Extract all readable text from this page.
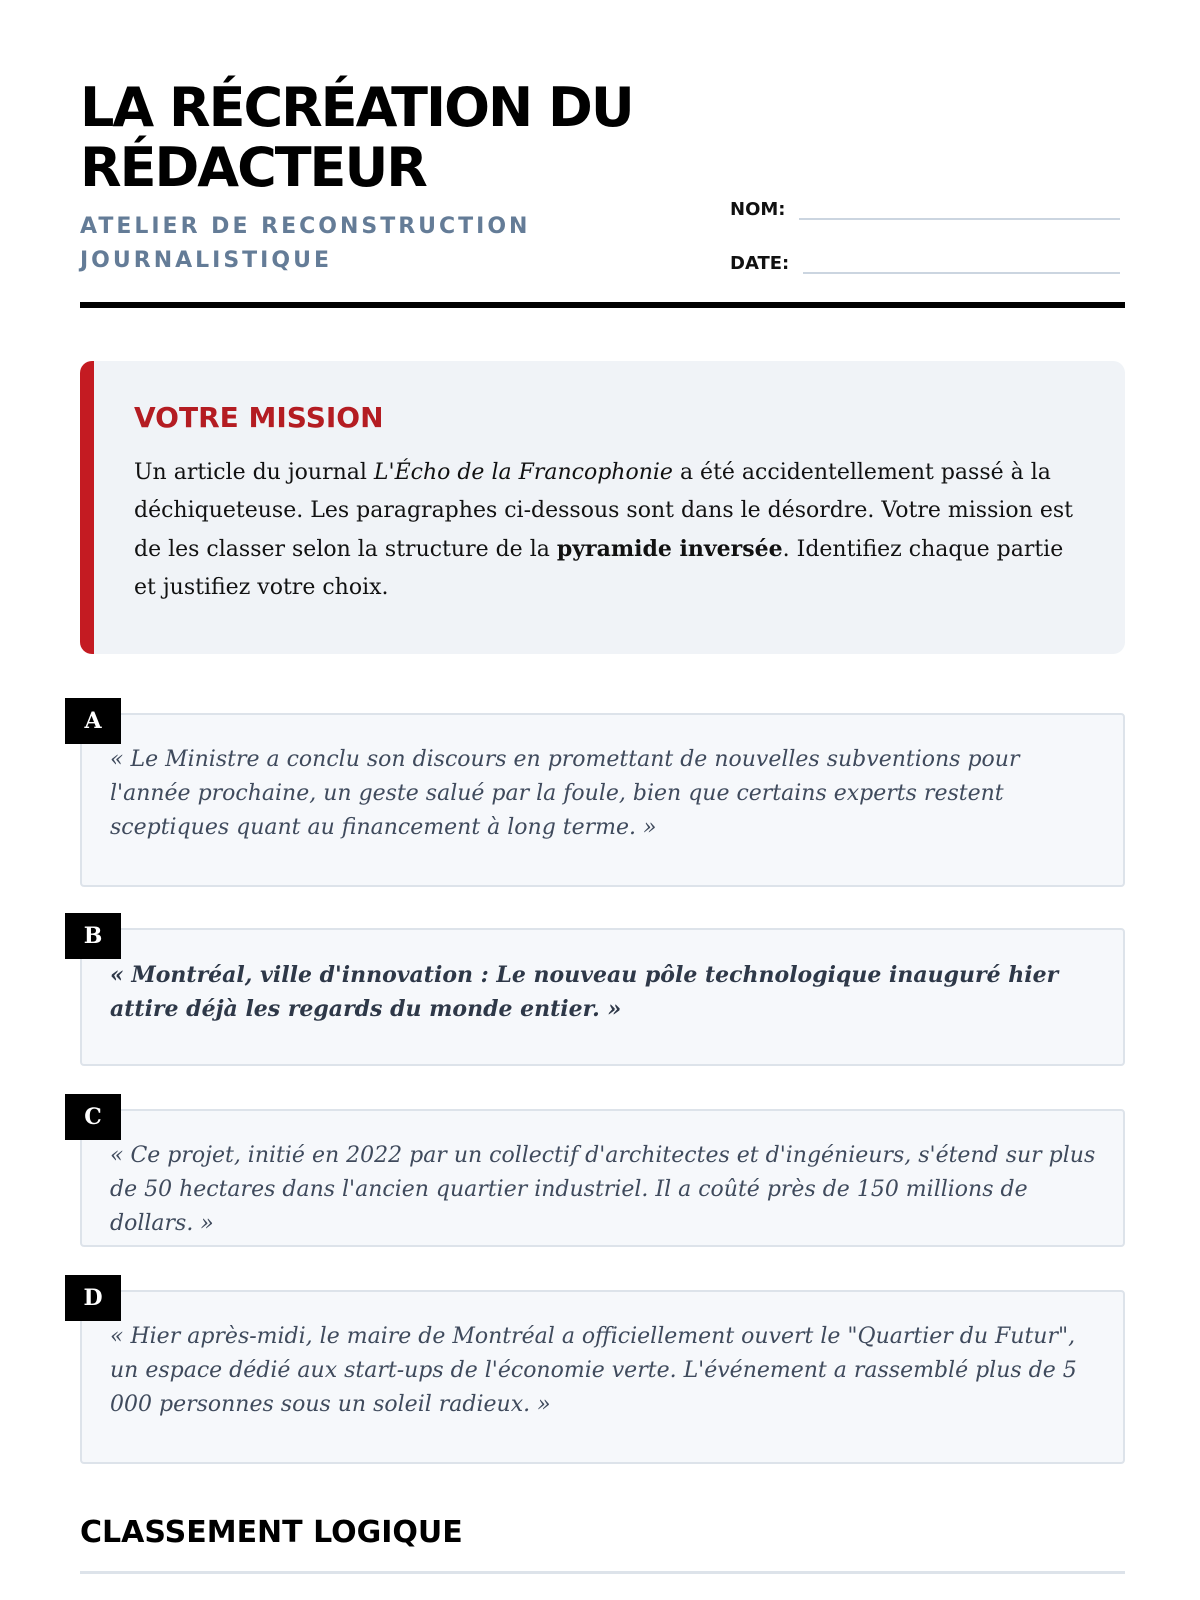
LA RÉCRÉATION DU RÉDACTEUR
ATELIER DE RECONSTRUCTION JOURNALISTIQUE
NOM:
DATE:
VOTRE MISSION

Un article du journal L'Écho de la Francophonie a été accidentellement passé à la déchiqueteuse. Les paragraphes ci-dessous sont dans le désordre. Votre mission est de les classer selon la structure de la pyramide inversée. Identifiez chaque partie et justifiez votre choix.

A

« Le Ministre a conclu son discours en promettant de nouvelles subventions pour l'année prochaine, un geste salué par la foule, bien que certains experts restent sceptiques quant au financement à long terme. »

B

« Montréal, ville d'innovation : Le nouveau pôle technologique inauguré hier attire déjà les regards du monde entier. »

C

« Ce projet, initié en 2022 par un collectif d'architectes et d'ingénieurs, s'étend sur plus de 50 hectares dans l'ancien quartier industriel. Il a coûté près de 150 millions de dollars. »

D

« Hier après-midi, le maire de Montréal a officiellement ouvert le "Quartier du Futur", un espace dédié aux start-ups de l'économie verte. L'événement a rassemblé plus de 5 000 personnes sous un soleil radieux. »

CLASSEMENT LOGIQUE
